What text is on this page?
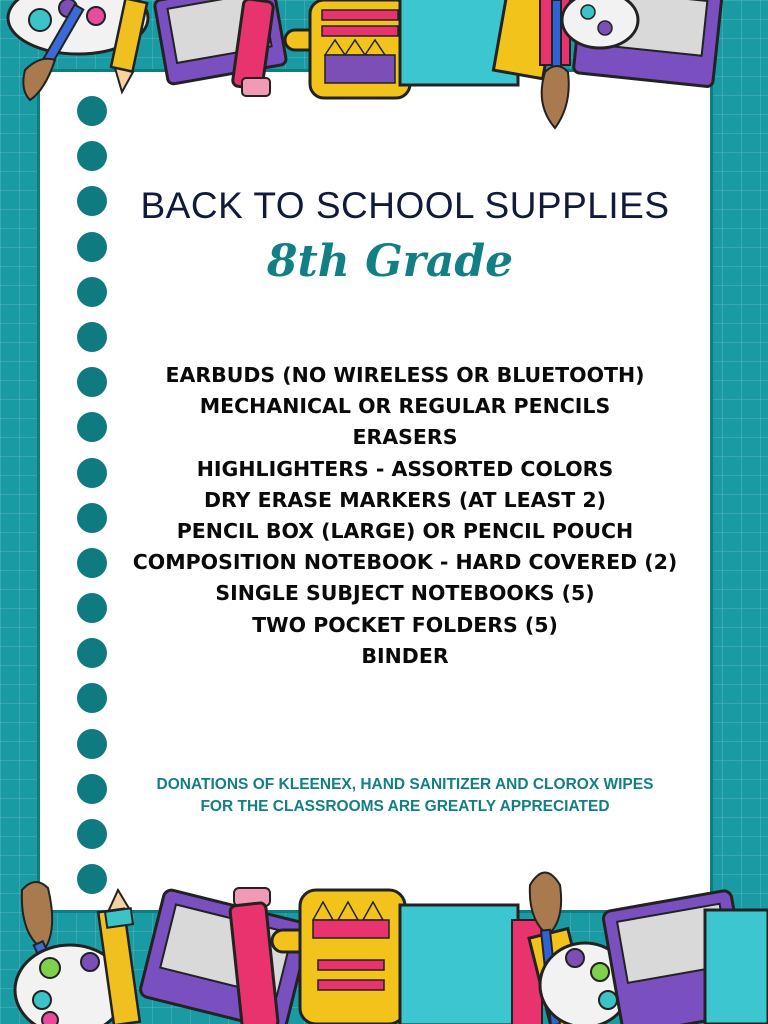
BACK TO SCHOOL SUPPLIES
8th Grade
EARBUDS (NO WIRELESS OR BLUETOOTH)
MECHANICAL OR REGULAR PENCILS
ERASERS
HIGHLIGHTERS - ASSORTED COLORS
DRY ERASE MARKERS (AT LEAST 2)
PENCIL BOX (LARGE) OR PENCIL POUCH
COMPOSITION NOTEBOOK - HARD COVERED (2)
SINGLE SUBJECT NOTEBOOKS (5)
TWO POCKET FOLDERS (5)
BINDER
DONATIONS OF KLEENEX, HAND SANITIZER AND CLOROX WIPES
FOR THE CLASSROOMS ARE GREATLY APPRECIATED
